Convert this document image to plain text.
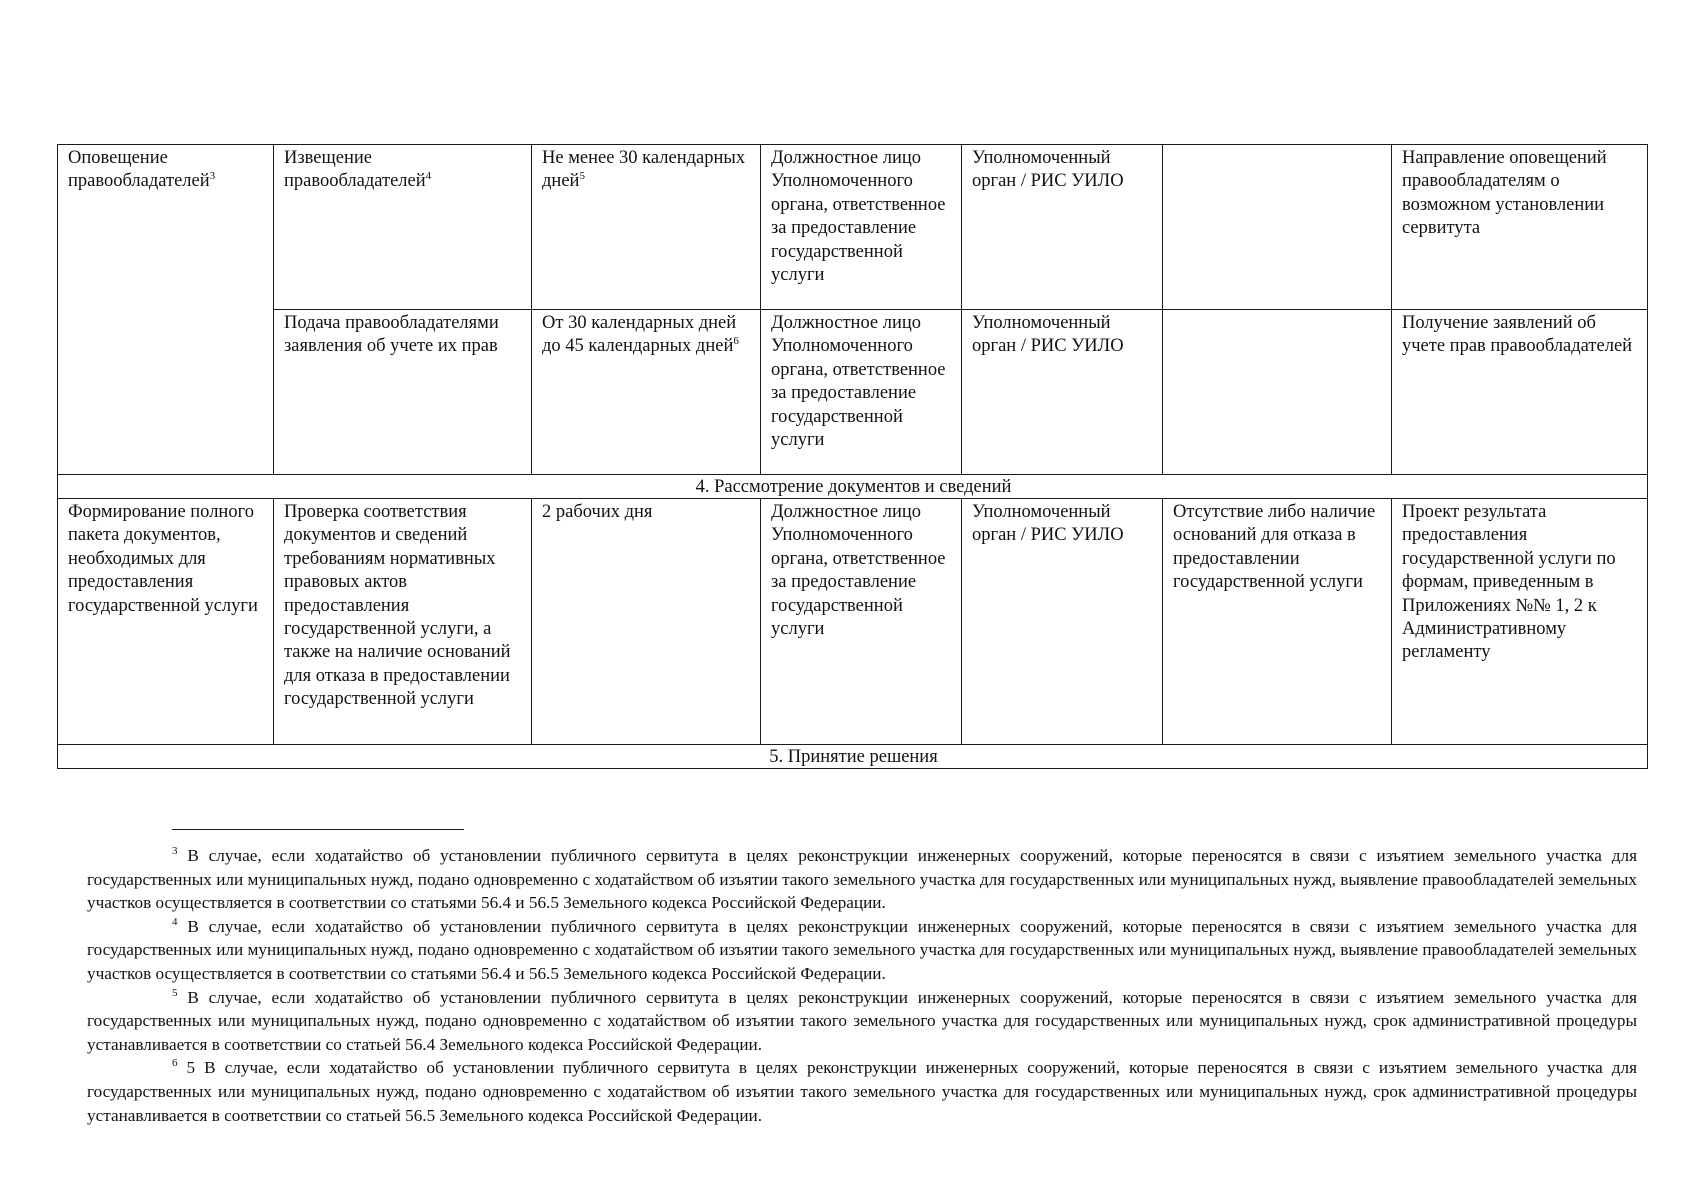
Оповещение правообладателей$^3$	Извещение правообладателей$^4$	Не менее 30 календарных дней$^5$	Должностное лицо Уполномоченного органа, ответственное за предоставление государственной услуги	Уполномоченный орган / РИС УИЛО		Направление оповещений правообладателям о возможном установлении сервитута
	Подача правообладателями заявления об учете их прав	От 30 календарных дней до 45 календарных дней$^6$	Должностное лицо Уполномоченного органа, ответственное за предоставление государственной услуги	Уполномоченный орган / РИС УИЛО		Получение заявлений об учете прав правообладателей
4. Рассмотрение документов и сведений						
Формирование полного пакета документов, необходимых для предоставления государственной услуги	Проверка соответствия документов и сведений требованиям нормативных правовых актов предоставления государственной услуги, а также на наличие оснований для отказа в предоставлении государственной услуги	2 рабочих дня	Должностное лицо Уполномоченного органа, ответственное за предоставление государственной услуги	Уполномоченный орган / РИС УИЛО	Отсутствие либо наличие оснований для отказа в предоставлении государственной услуги	Проект результата предоставления государственной услуги по формам, приведенным в Приложениях №№ 1, 2 к Административному регламенту
5. Принятие решения						

$^3$ В случае, если ходатайство об установлении публичного сервитута в целях реконструкции инженерных сооружений, которые переносятся в связи с изъятием земельного участка для государственных или муниципальных нужд, подано одновременно с ходатайством об изъятии такого земельного участка для государственных или муниципальных нужд, выявление правообладателей земельных участков осуществляется в соответствии со статьями 56.4 и 56.5 Земельного кодекса Российской Федерации.

$^4$ В случае, если ходатайство об установлении публичного сервитута в целях реконструкции инженерных сооружений, которые переносятся в связи с изъятием земельного участка для государственных или муниципальных нужд, подано одновременно с ходатайством об изъятии такого земельного участка для государственных или муниципальных нужд, выявление правообладателей земельных участков осуществляется в соответствии со статьями 56.4 и 56.5 Земельного кодекса Российской Федерации.

$^5$ В случае, если ходатайство об установлении публичного сервитута в целях реконструкции инженерных сооружений, которые переносятся в связи с изъятием земельного участка для государственных или муниципальных нужд, подано одновременно с ходатайством об изъятии такого земельного участка для государственных или муниципальных нужд, срок административной процедуры устанавливается в соответствии со статьей 56.4 Земельного кодекса Российской Федерации.

$^6$ 5 В случае, если ходатайство об установлении публичного сервитута в целях реконструкции инженерных сооружений, которые переносятся в связи с изъятием земельного участка для государственных или муниципальных нужд, подано одновременно с ходатайством об изъятии такого земельного участка для государственных или муниципальных нужд, срок административной процедуры устанавливается в соответствии со статьей 56.5 Земельного кодекса Российской Федерации.
